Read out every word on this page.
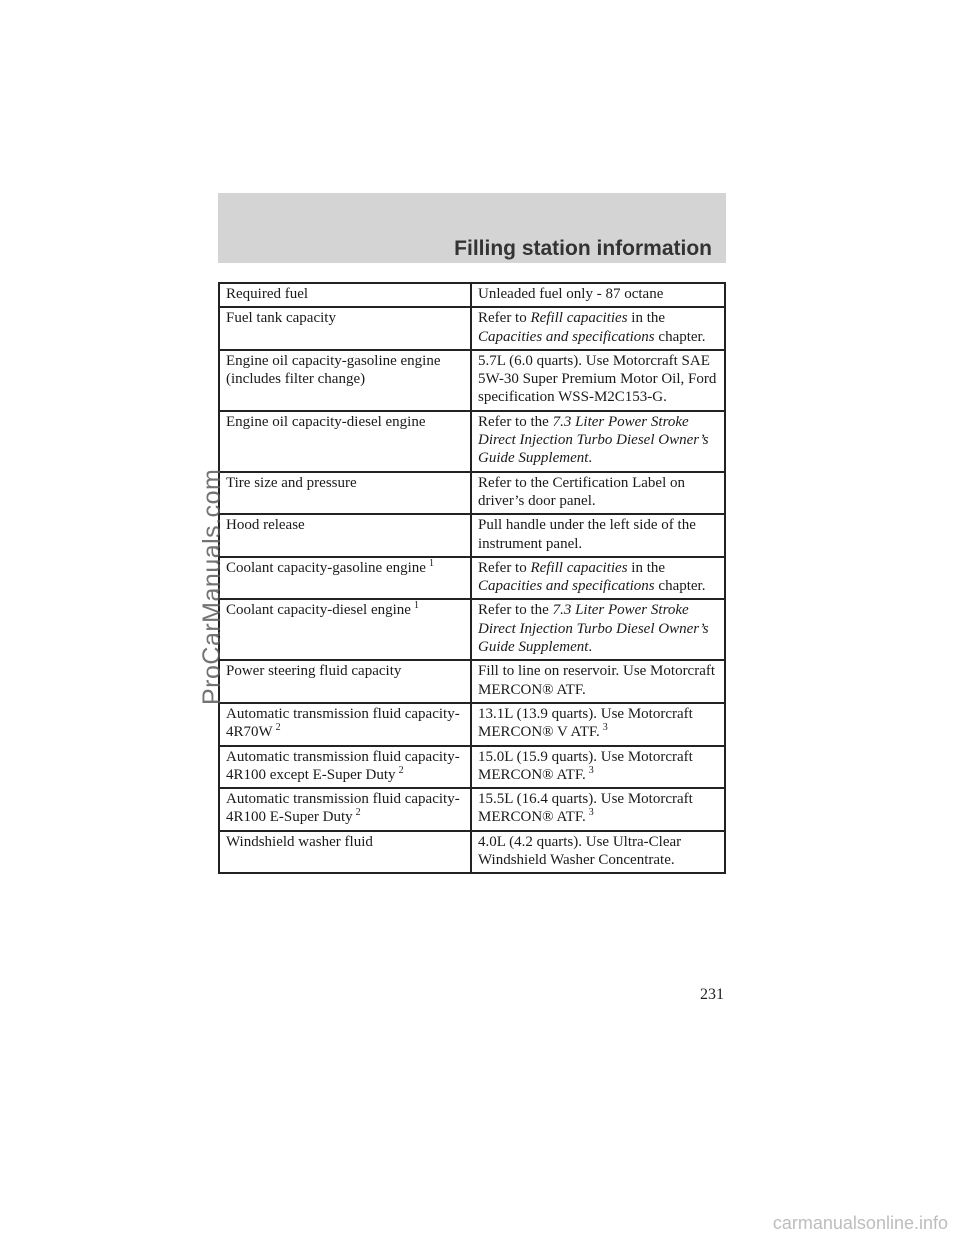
Filling station information
Required fuel	Unleaded fuel only - 87 octane
Fuel tank capacity	Refer to Refill capacities in the Capacities and specifications chapter.
Engine oil capacity-gasoline engine (includes filter change)	5.7L (6.0 quarts). Use Motorcraft SAE 5W-30 Super Premium Motor Oil, Ford specification WSS-M2C153-G.
Engine oil capacity-diesel engine	Refer to the 7.3 Liter Power Stroke Direct Injection Turbo Diesel Owner’s Guide Supplement.
Tire size and pressure	Refer to the Certification Label on driver’s door panel.
Hood release	Pull handle under the left side of the instrument panel.
Coolant capacity-gasoline engine $^1$	Refer to Refill capacities in the Capacities and specifications chapter.
Coolant capacity-diesel engine $^1$	Refer to the 7.3 Liter Power Stroke Direct Injection Turbo Diesel Owner’s Guide Supplement.
Power steering fluid capacity	Fill to line on reservoir. Use Motorcraft MERCON® ATF.
Automatic transmission fluid capacity-4R70W $^2$	13.1L (13.9 quarts). Use Motorcraft MERCON® V ATF. $^3$
Automatic transmission fluid capacity-4R100 except E-Super Duty $^2$	15.0L (15.9 quarts). Use Motorcraft MERCON® ATF. $^3$
Automatic transmission fluid capacity-4R100 E-Super Duty $^2$	15.5L (16.4 quarts). Use Motorcraft MERCON® ATF. $^3$
Windshield washer fluid	4.0L (4.2 quarts). Use Ultra-Clear Windshield Washer Concentrate.
ProCarManuals.com
231
carmanualsonline.info
